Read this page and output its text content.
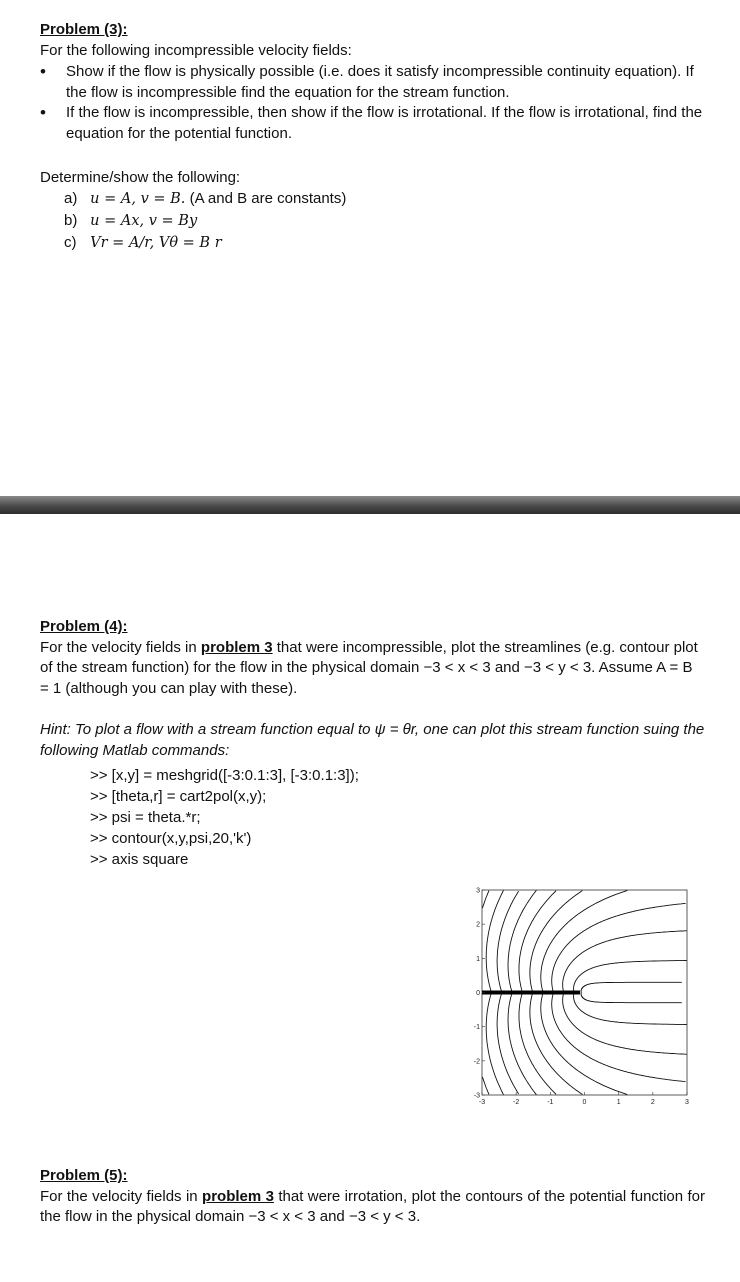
Problem (3):
For the following incompressible velocity fields:
• Show if the flow is physically possible (i.e. does it satisfy incompressible continuity equation). If the flow is incompressible find the equation for the stream function.
• If the flow is incompressible, then show if the flow is irrotational. If the flow is irrotational, find the equation for the potential function.
Determine/show the following:
a) u = A, v = B. (A and B are constants)
b) u = Ax, v = By
c) Vr = A/r, Vθ = B r
Problem (4):
For the velocity fields in problem 3 that were incompressible, plot the streamlines (e.g. contour plot of the stream function) for the flow in the physical domain −3 < x < 3 and −3 < y < 3. Assume A = B = 1 (although you can play with these).
Hint: To plot a flow with a stream function equal to ψ = θr, one can plot this stream function suing the following Matlab commands:
>> [x,y] = meshgrid([-3:0.1:3], [-3:0.1:3]);
>> [theta,r] = cart2pol(x,y);
>> psi = theta.*r;
>> contour(x,y,psi,20,'k')
>> axis square
-3	-2	-1	0	1	2	3
3
2
1
0
-1
-2
-3
Problem (5):
For the velocity fields in problem 3 that were irrotation, plot the contours of the potential function for the flow in the physical domain −3 < x < 3 and −3 < y < 3.
